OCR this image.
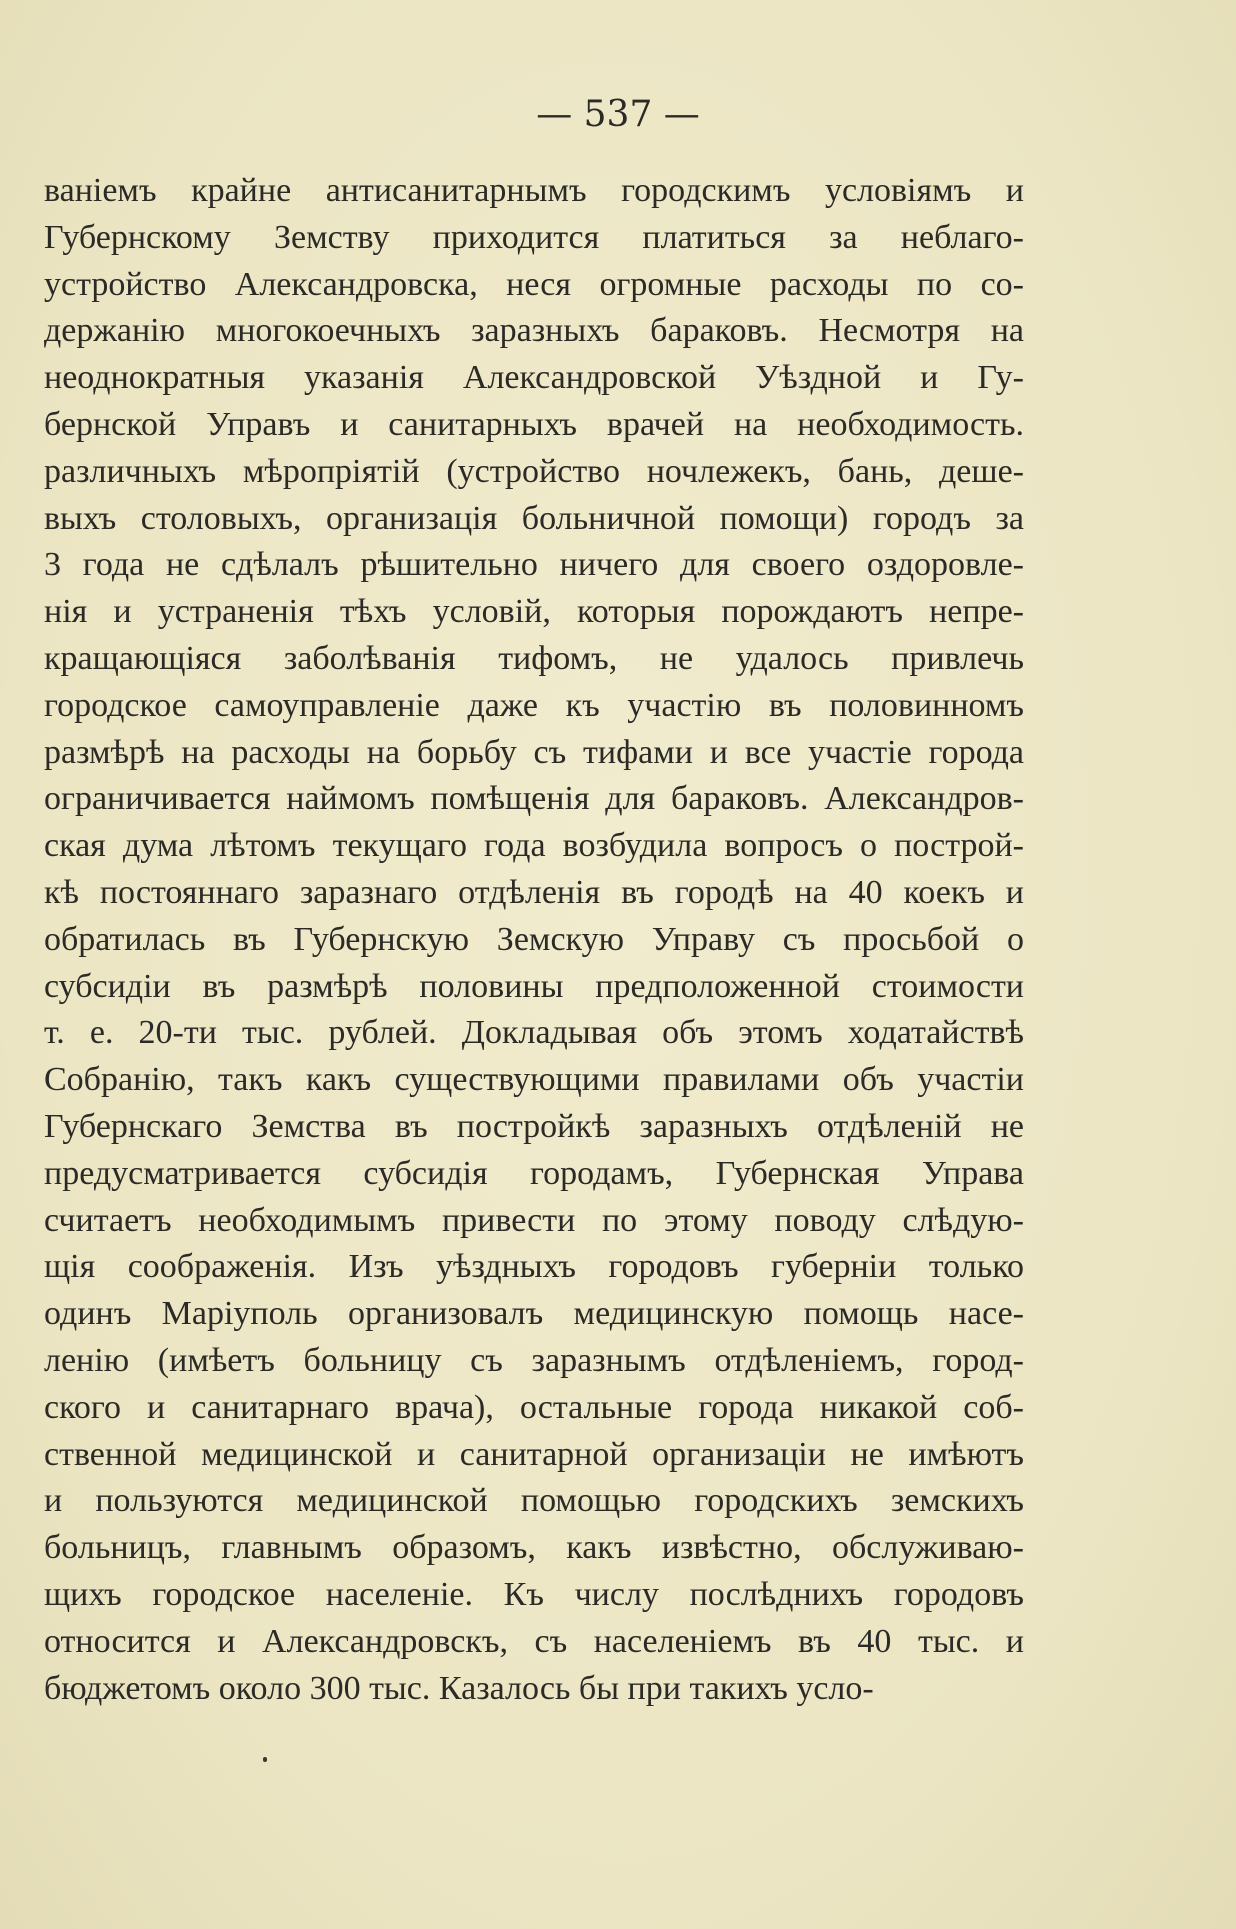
— 537 —
ваніемъ крайне антисанитарнымъ городскимъ условіямъ и
Губернскому Земству приходится платиться за неблаго-
устройство Александровска, неся огромные расходы по со-
держанію многокоечныхъ заразныхъ бараковъ. Несмотря на
неоднократныя указанія Александровской Уѣздной и Гу-
бернской Управъ и санитарныхъ врачей на необходимость.
различныхъ мѣропріятій (устройство ночлежекъ, бань, деше-
выхъ столовыхъ, организація больничной помощи) городъ за
3 года не сдѣлалъ рѣшительно ничего для своего оздоровле-
нія и устраненія тѣхъ условій, которыя порождаютъ непре-
кращающіяся заболѣванія тифомъ, не удалось привлечь
городское самоуправленіе даже къ участію въ половинномъ
размѣрѣ на расходы на борьбу съ тифами и все участіе города
ограничивается наймомъ помѣщенія для бараковъ. Александров-
ская дума лѣтомъ текущаго года возбудила вопросъ о построй-
кѣ постояннаго заразнаго отдѣленія въ городѣ на 40 коекъ и
обратилась въ Губернскую Земскую Управу съ просьбой о
субсидіи въ размѣрѣ половины предположенной стоимости
т. е. 20-ти тыс. рублей. Докладывая объ этомъ ходатайствѣ
Собранію, такъ какъ существующими правилами объ участіи
Губернскаго Земства въ постройкѣ заразныхъ отдѣленій не
предусматривается субсидія городамъ, Губернская Управа
считаетъ необходимымъ привести по этому поводу слѣдую-
щія соображенія. Изъ уѣздныхъ городовъ губерніи только
одинъ Маріуполь организовалъ медицинскую помощь насе-
ленію (имѣетъ больницу съ заразнымъ отдѣленіемъ, город-
ского и санитарнаго врача), остальные города никакой соб-
ственной медицинской и санитарной организаціи не имѣютъ
и пользуются медицинской помощью городскихъ земскихъ
больницъ, главнымъ образомъ, какъ извѣстно, обслуживаю-
щихъ городское населеніе. Къ числу послѣднихъ городовъ
относится и Александровскъ, съ населеніемъ въ 40 тыс. и
бюджетомъ около 300 тыс. Казалось бы при такихъ усло-
